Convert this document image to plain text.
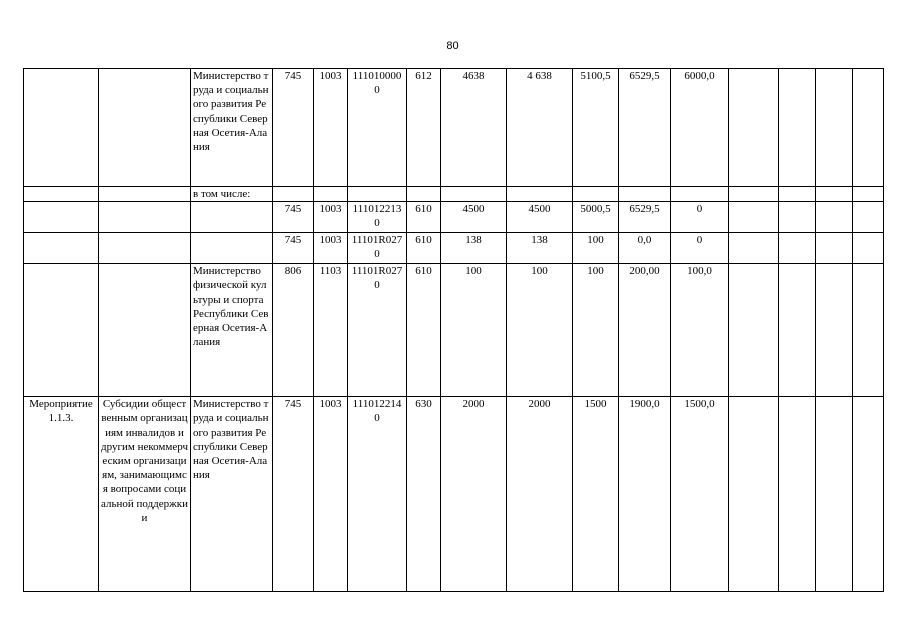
80
		Министерство труда и социального развития Республики Северная Осетия-Алания	745	1003	1110100000	612	4638	4 638	5100,5	6529,5	6000,0				
		в том числе:													
			745	1003	1110122130	610	4500	4500	5000,5	6529,5	0				
			745	1003	11101R0270	610	138	138	100	0,0	0				
		Министерство физической культуры и спорта Республики Северная Осетия-Алания	806	1103	11101R0270	610	100	100	100	200,00	100,0				
Мероприятие 1.1.3.	Субсидии общественным организациям инвалидов и другим некоммерческим организациям, занимающимся вопросами социальной поддержки и	Министерство труда и социального развития Республики Северная Осетия-Алания	745	1003	1110122140	630	2000	2000	1500	1900,0	1500,0				
